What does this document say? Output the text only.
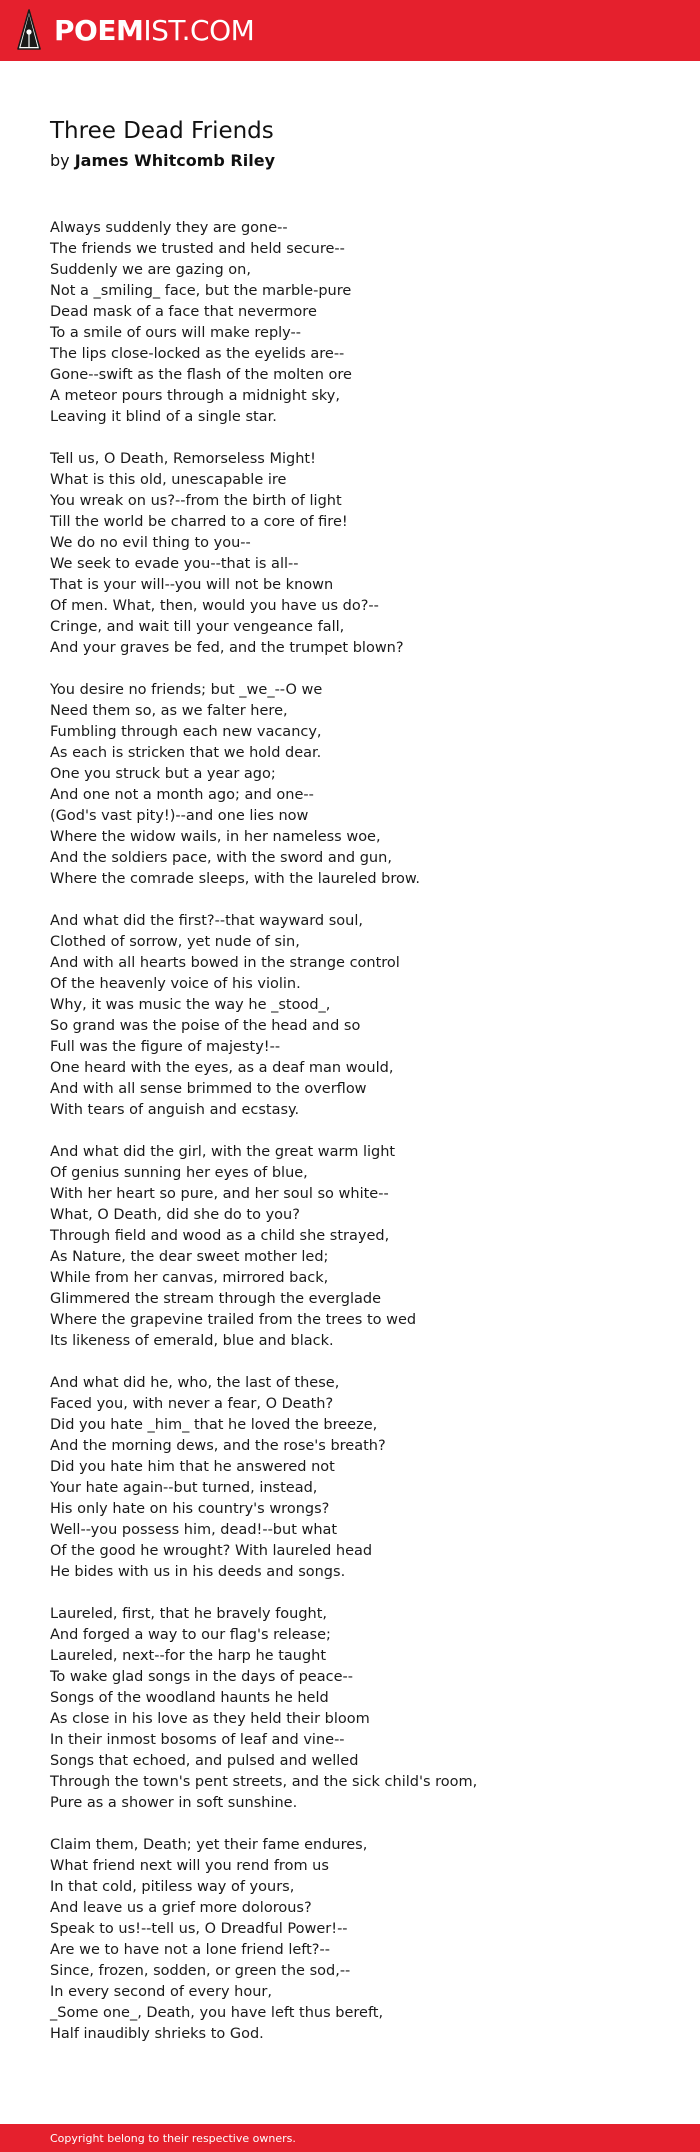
POEMIST.COM
Three Dead Friends
by James Whitcomb Riley
Always suddenly they are gone--
The friends we trusted and held secure--
Suddenly we are gazing on,
Not a _smiling_ face, but the marble-pure
Dead mask of a face that nevermore
To a smile of ours will make reply--
The lips close-locked as the eyelids are--
Gone--swift as the flash of the molten ore
A meteor pours through a midnight sky,
Leaving it blind of a single star.
Tell us, O Death, Remorseless Might!
What is this old, unescapable ire
You wreak on us?--from the birth of light
Till the world be charred to a core of fire!
We do no evil thing to you--
We seek to evade you--that is all--
That is your will--you will not be known
Of men. What, then, would you have us do?--
Cringe, and wait till your vengeance fall,
And your graves be fed, and the trumpet blown?
You desire no friends; but _we_--O we
Need them so, as we falter here,
Fumbling through each new vacancy,
As each is stricken that we hold dear.
One you struck but a year ago;
And one not a month ago; and one--
(God's vast pity!)--and one lies now
Where the widow wails, in her nameless woe,
And the soldiers pace, with the sword and gun,
Where the comrade sleeps, with the laureled brow.
And what did the first?--that wayward soul,
Clothed of sorrow, yet nude of sin,
And with all hearts bowed in the strange control
Of the heavenly voice of his violin.
Why, it was music the way he _stood_,
So grand was the poise of the head and so
Full was the figure of majesty!--
One heard with the eyes, as a deaf man would,
And with all sense brimmed to the overflow
With tears of anguish and ecstasy.
And what did the girl, with the great warm light
Of genius sunning her eyes of blue,
With her heart so pure, and her soul so white--
What, O Death, did she do to you?
Through field and wood as a child she strayed,
As Nature, the dear sweet mother led;
While from her canvas, mirrored back,
Glimmered the stream through the everglade
Where the grapevine trailed from the trees to wed
Its likeness of emerald, blue and black.
And what did he, who, the last of these,
Faced you, with never a fear, O Death?
Did you hate _him_ that he loved the breeze,
And the morning dews, and the rose's breath?
Did you hate him that he answered not
Your hate again--but turned, instead,
His only hate on his country's wrongs?
Well--you possess him, dead!--but what
Of the good he wrought? With laureled head
He bides with us in his deeds and songs.
Laureled, first, that he bravely fought,
And forged a way to our flag's release;
Laureled, next--for the harp he taught
To wake glad songs in the days of peace--
Songs of the woodland haunts he held
As close in his love as they held their bloom
In their inmost bosoms of leaf and vine--
Songs that echoed, and pulsed and welled
Through the town's pent streets, and the sick child's room,
Pure as a shower in soft sunshine.
Claim them, Death; yet their fame endures,
What friend next will you rend from us
In that cold, pitiless way of yours,
And leave us a grief more dolorous?
Speak to us!--tell us, O Dreadful Power!--
Are we to have not a lone friend left?--
Since, frozen, sodden, or green the sod,--
In every second of every hour,
_Some one_, Death, you have left thus bereft,
Half inaudibly shrieks to God.
Copyright belong to their respective owners.
